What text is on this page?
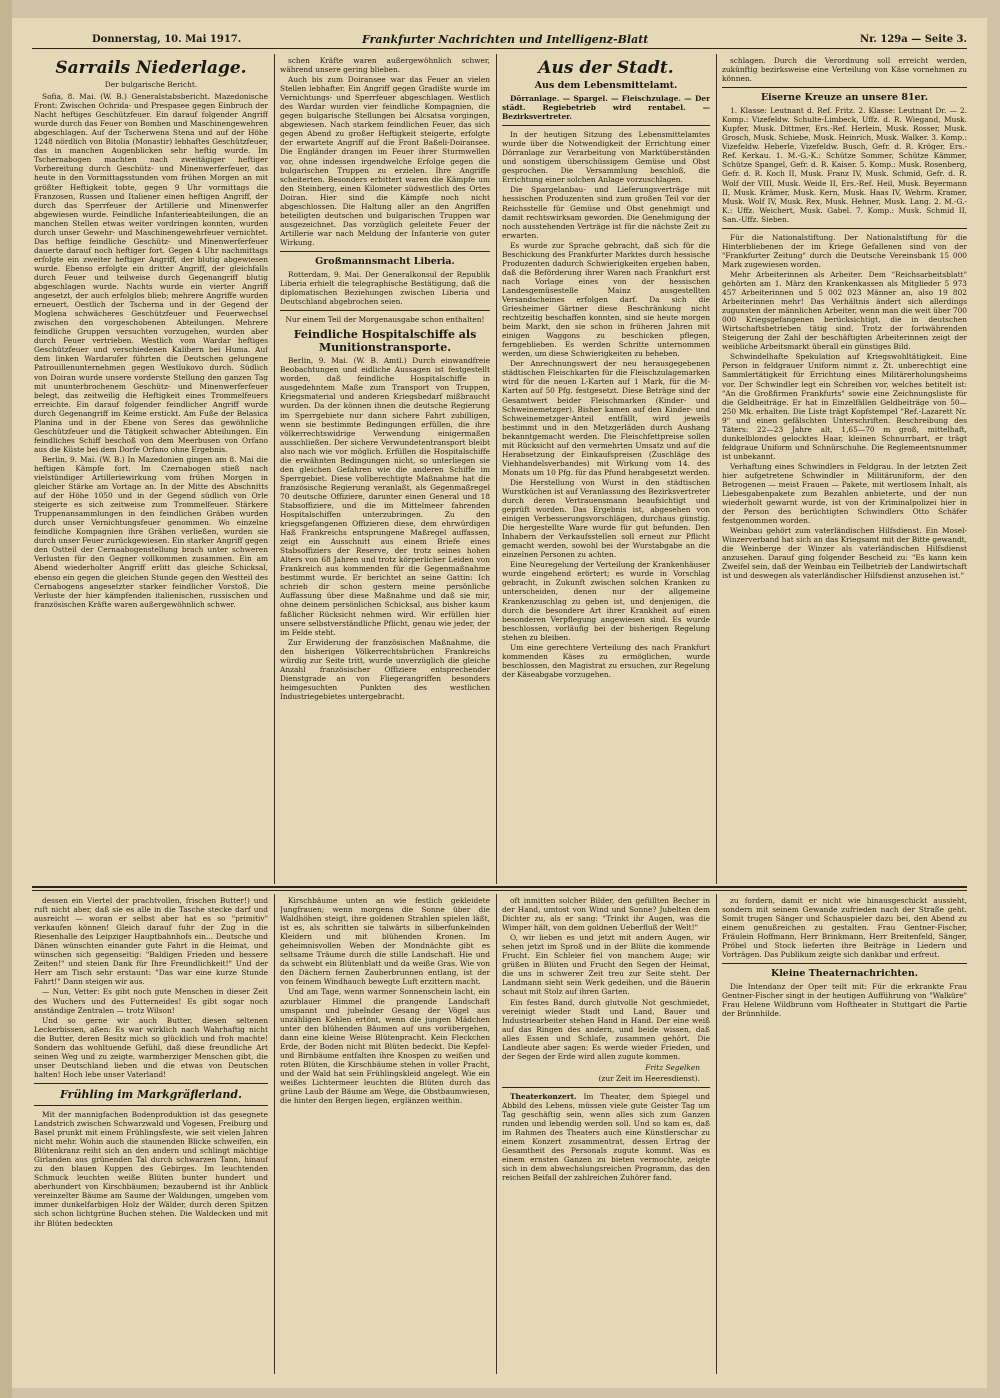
Donnerstag, 10. Mai 1917.	Frankfurter Nachrichten und Intelligenz-Blatt	Nr. 129a — Seite 3.
Sarrails Niederlage.
Der bulgarische Bericht.

Sofia, 8. Mai. (W. B.) Generalstabsbericht. Mazedonische Front: Zwischen Ochrida- und Prespasee gegen Einbruch der Nacht heftiges Geschützfeuer. Ein darauf folgender Angriff wurde durch das Feuer von Bomben und Maschinengewehren abgeschlagen. Auf der Tscherwena Stena und auf der Höhe 1248 nördlich von Bitolia (Monastir) lebhaftes Geschützfeuer, das in manchen Augenblicken sehr heftig wurde. Im Tschernabogen machten nach zweitägiger heftiger Vorbereitung durch Geschütz- und Minenwerferfeuer, das heute in den Vormittagsstunden vom frühen Morgen an mit größter Heftigkeit tobte, gegen 9 Uhr vormittags die Franzosen, Russen und Italiener einen heftigen Angriff, der durch das Sperrfeuer der Artillerie und Minenwerfer abgewiesen wurde. Feindliche Infanterieabteilungen, die an manchen Stellen etwas weiter vordringen konnten, wurden durch unser Gewehr- und Maschinengewehrfeuer vernichtet. Das heftige feindliche Geschütz- und Minenwerferfeuer dauerte darauf noch heftiger fort. Gegen 4 Uhr nachmittags erfolgte ein zweiter heftiger Angriff, der blutig abgewiesen wurde. Ebenso erfolgte ein dritter Angriff, der gleichfalls durch Feuer und teilweise durch Gegenangriff blutig abgeschlagen wurde. Nachts wurde ein vierter Angriff angesetzt, der auch erfolglos blieb; mehrere Angriffe wurden erneuert. Oestlich der Tscherna und in der Gegend der Moglena schwächeres Geschützfeuer und Feuerwechsel zwischen den vorgeschobenen Abteilungen. Mehrere feindliche Gruppen versuchten vorzugehen, wurden aber durch Feuer vertrieben. Westlich vom Wardar heftiges Geschützfeuer und verschiedenen Kalibern bei Huma. Auf dem linken Wardarufer führten die Deutschen gelungene Patrouillenunternehmen gegen Westlukovo durch. Südlich von Doiran wurde unsere vorderste Stellung den ganzen Tag mit ununterbrochenem Geschütz- und Minenwerferfeuer belegt, das zeitweilig die Heftigkeit eines Trommelfeuers erreichte. Ein darauf folgender feindlicher Angriff wurde durch Gegenangriff im Keime erstickt. Am Fuße der Belasica Planina und in der Ebene von Seres das gewöhnliche Geschützfeuer und die Tätigkeit schwacher Abteilungen. Ein feindliches Schiff beschoß von dem Meerbusen von Orfano aus die Küste bei dem Dorfe Orfano ohne Ergebnis.

Berlin, 9. Mai. (W. B.) In Mazedonien gingen am 8. Mai die heftigen Kämpfe fort. Im Czernabogen stieß nach vielstündiger Artilleriewirkung vom frühen Morgen in gleicher Stärke am Vortage an. In der Mitte des Abschnitts auf der Höhe 1050 und in der Gegend südlich von Orle steigerte es sich zeitweise zum Trommelfeuer. Stärkere Truppenansammlungen in den feindlichen Gräben wurden durch unser Vernichtungsfeuer genommen. Wo einzelne feindliche Kompagnien ihre Gräben verließen, wurden sie durch unser Feuer zurückgewiesen. Ein starker Angriff gegen den Ostteil der Cernaabogenstellung brach unter schweren Verlusten für den Gegner vollkommen zusammen. Ein am Abend wiederholter Angriff erlitt das gleiche Schicksal, ebenso ein gegen die gleichen Stunde gegen den Westteil des Cernabogens angesetzter starker feindlicher Vorstoß. Die Verluste der hier kämpfenden italienischen, russischen und französischen Kräfte waren außergewöhnlich schwer.

schen Kräfte waren außergewöhnlich schwer, während unsere gering blieben.

Auch bis zum Doiransee war das Feuer an vielen Stellen lebhafter. Ein Angriff gegen Gradište wurde im Vernichtungs- und Sperrfeuer abgeschlagen. Westlich des Wardar wurden vier feindliche Kompagnien, die gegen bulgarische Stellungen bei Alcsatsa vorgingen, abgewiesen. Nach starkem feindlichen Feuer, das sich gegen Abend zu großer Heftigkeit steigerte, erfolgte der erwartete Angriff auf die Front Baßeli-Doiransee. Die Engländer drangen im Feuer ihrer Sturmwellen vor, ohne indessen irgendwelche Erfolge gegen die bulgarischen Truppen zu erzielen. Ihre Angriffe scheiterten. Besonders erbittert waren die Kämpfe um den Steinberg, einen Kilometer südwestlich des Ortes Doiran. Hier sind die Kämpfe noch nicht abgeschlossen. Die Haltung aller an den Angriffen beteiligten deutschen und bulgarischen Truppen war ausgezeichnet. Das vorzüglich geleitete Feuer der Artillerie war nach Meldung der Infanterie von guter Wirkung.

Großmannsmacht Liberia.

Rotterdam, 9. Mai. Der Generalkonsul der Republik Liberia erhielt die telegraphische Bestätigung, daß die diplomatischen Beziehungen zwischen Liberia und Deutschland abgebrochen seien.

Nur einem Teil der Morgenausgabe schon enthalten!
Feindliche Hospitalschiffe als Munitionstransporte.

Berlin, 9. Mai. (W. B. Amtl.) Durch einwandfreie Beobachtungen und eidliche Aussagen ist festgestellt worden, daß feindliche Hospitalschiffe in ausgedehntem Maße zum Transport von Truppen, Kriegsmaterial und anderen Kriegsbedarf mißbraucht wurden. Da der können ihnen die deutsche Regierung im Sperrgebiete nur dann sichere Fahrt zubilligen, wenn sie bestimmte Bedingungen erfüllen, die ihre völkerrechtswidrige Verwendung einigermaßen ausschließen. Der sichere Verwundetentransport bleibt also nach wie vor möglich. Erfüllen die Hospitalschiffe die erwähnten Bedingungen nicht, so unterliegen sie den gleichen Gefahren wie die anderen Schiffe im Sperrgebiet. Diese vollberechtigte Maßnahme hat die französische Regierung veranlaßt, als Gegenmaßregel 70 deutsche Offiziere, darunter einen General und 18 Stabsoffiziere, und die im Mittelmeer fahrenden Hospitalschiffen unterzubringen. Zu den kriegsgefangenen Offizieren diese, dem ehrwürdigen Haß Frankreichs entsprungene Maßregel auffassen, zeigt ein Ausschnitt aus einem Briefe eines Stabsoffiziers der Reserve, der trotz seines hohen Alters von 68 Jahren und trotz körperlicher Leiden von Frankreich aus kommenden für die Gegenmaßnahme bestimmt wurde. Er berichtet an seine Gattin: Ich schrieb dir schon gestern meine persönliche Auffassung über diese Maßnahme und daß sie mir, ohne deinem persönlichen Schicksal, aus bisher kaum faßlicher Rücksicht nehmen wird. Wir erfüllen hier unsere selbstverständliche Pflicht, genau wie jeder, der im Felde steht.

Zur Erwiderung der französischen Maßnahme, die den bisherigen Völkerrechtsbrüchen Frankreichs würdig zur Seite tritt, wurde unverzüglich die gleiche Anzahl französischer Offiziere entsprechender Dienstgrade an von Fliegerangriffen besonders heimgesuchten Punkten des westlichen Industriegebietes untergebracht.

Aus der Stadt.
Aus dem Lebensmittelamt.

Dörranlage. — Spargel. — Fleischzulage. — Der städt. Regiebetrieb wird rentabel. — Bezirksvertreter.

In der heutigen Sitzung des Lebensmittelamtes wurde über die Notwendigkeit der Errichtung einer Dörranlage zur Verarbeitung von Marktüberständen und sonstigem überschüssigem Gemüse und Obst gesprochen. Die Versammlung beschloß, die Errichtung einer solchen Anlage vorzuschlagen.

Die Spargelanbau- und Lieferungsverträge mit hessischen Produzenten sind zum großen Teil vor der Reichsstelle für Gemüse und Obst genehmigt und damit rechtswirksam geworden. Die Genehmigung der noch ausstehenden Verträge ist für die nächste Zeit zu erwarten.

Es wurde zur Sprache gebracht, daß sich für die Beschickung des Frankfurter Marktes durch hessische Produzenten dadurch Schwierigkeiten ergeben haben, daß die Beförderung ihrer Waren nach Frankfurt erst nach Vorlage eines von der hessischen Landesgemüsestelle Mainz ausgestellten Versandscheines erfolgen darf. Da sich die Griesheimer Gärtner diese Beschränkung nicht rechtzeitig beschaffen konnten, sind sie heute morgen beim Markt, den sie schon in früheren Jahren mit einigen Waggons zu beschicken pflegen, ferngeblieben. Es werden Schritte unternommen werden, um diese Schwierigkeiten zu beheben.

Der Anrechnungswert der neu herausgegebenen städtischen Fleischkarten für die Fleischzulagemarken wird für die neuen L-Karten auf 1 Mark, für die M-Karten auf 50 Pfg. festgesetzt. Diese Beträge sind der Gesamtwert beider Fleischmarken (Kinder- und Schweinemetzger). Bisher kamen auf den Kinder- und Schweinemetzger-Anteil entfällt, wird jeweils bestimmt und in den Metzgerläden durch Aushang bekanntgemacht werden. Die Fleischfettpreise sollen mit Rücksicht auf den vermehrten Umsatz und auf die Herabsetzung der Einkaufspreisen (Zuschläge des Viehhandelsverbandes) mit Wirkung vom 14. des Monats um 10 Pfg. für das Pfund herabgesetzt werden.

Die Herstellung von Wurst in den städtischen Wurstküchen ist auf Veranlassung des Bezirksvertreter durch deren Vertrauensmann beaufsichtigt und geprüft worden. Das Ergebnis ist, abgesehen von einigen Verbesserungsvorschlägen, durchaus günstig. Die hergestellte Ware wurde für gut befunden. Den Inhabern der Verkaufsstellen soll erneut zur Pflicht gemacht werden, sowohl bei der Wurstabgabe an die einzelnen Personen zu achten.

Eine Neuregelung der Verteilung der Krankenhäuser wurde eingehend erörtert; es wurde in Vorschlag gebracht, in Zukunft zwischen solchen Kranken zu unterscheiden, denen nur der allgemeine Krankenzuschlag zu geben ist, und denjenigen, die durch die besondere Art ihrer Krankheit auf einen besonderen Verpflegung angewiesen sind. Es wurde beschlossen, vorläufig bei der bisherigen Regelung stehen zu bleiben.

Um eine gerechtere Verteilung des nach Frankfurt kommenden Käses zu ermöglichen, wurde beschlossen, den Magistrat zu ersuchen, zur Regelung der Käseabgabe vorzugehen.

schlagen. Durch die Verordnung soll erreicht werden, zukünftig bezirksweise eine Verteilung von Käse vornehmen zu können.

Eiserne Kreuze an unsere 81er.

1. Klasse: Leutnant d. Ref. Fritz. 2. Klasse: Leutnant Dr. — 2. Komp.: Vizefeldw. Schulte-Limbeck, Uffz. d. R. Wiegand, Musk. Kupfer, Musk. Dittmer, Ers.-Ref. Herlein, Musk. Rosser, Musk. Grosch, Musk. Schiebe, Musk. Heinrich, Musk. Walker. 3. Komp.: Vizefeldw. Heberle, Vizefeldw. Busch, Gefr. d. R. Kröger, Ers.-Ref. Kerkau. 1. M.-G.-K.: Schütze Sommer, Schütze Kämmer, Schütze Spangel, Gefr. d. R. Kaiser. 5. Komp.: Musk. Rosenberg, Gefr. d. R. Koch II, Musk. Franz IV, Musk. Schmid, Gefr. d. R. Wolf der VIII, Musk. Weide II, Ers.-Ref. Heil, Musk. Beyermann II, Musk. Krämer, Musk. Kern, Musk. Haas IV, Wehrm. Kramer, Musk. Wolf IV, Musk. Rex, Musk. Hehner, Musk. Lang. 2. M.-G.-K.: Uffz. Weichert, Musk. Gabel. 7. Komp.: Musk. Schmid II, San.-Uffz. Sieben.

Für die Nationalstiftung. Der Nationalstiftung für die Hinterbliebenen der im Kriege Gefallenen sind von der "Frankfurter Zeitung" durch die Deutsche Vereinsbank 15 000 Mark zugewiesen worden.

Mehr Arbeiterinnen als Arbeiter. Dem "Reichsarbeitsblatt" gehörten am 1. März den Krankenkassen als Mitglieder 5 973 457 Arbeiterinnen und 5 002 023 Männer an, also 19 802 Arbeiterinnen mehr! Das Verhältnis ändert sich allerdings zugunsten der männlichen Arbeiter, wenn man die weit über 700 000 Kriegsgefangenen berücksichtigt, die in deutschen Wirtschaftsbetrieben tätig sind. Trotz der fortwährenden Steigerung der Zahl der beschäftigten Arbeiterinnen zeigt der weibliche Arbeitsmarkt überall ein günstiges Bild.

Schwindelhafte Spekulation auf Kriegswohltätigkeit. Eine Person in feldgrauer Uniform nimmt z. Zt. unberechtigt eine Sammlertätigkeit für Errichtung eines Militärerholungsheims vor. Der Schwindler legt ein Schreiben vor, welches betitelt ist: "An die Großfirmen Frankfurts" sowie eine Zeichnungsliste für die Geldbeiträge. Er hat in Einzelfällen Geldbeiträge von 50—250 Mk. erhalten. Die Liste trägt Kopfstempel "Ref.-Lazarett Nr. 9" und einen gefälschten Unterschriften. Beschreibung des Täters: 22—23 Jahre alt, 1,65—70 m groß, mittelhaft, dunkelblondes gelocktes Haar, kleinen Schnurrbart, er trägt feldgraue Uniform und Schnürschuhe. Die Reglemeentsnummer ist unbekannt.

Verhaftung eines Schwindlers in Feldgrau. In der letzten Zeit hier aufgetretene Schwindler in Militäruniform, der den Betrogenen — meist Frauen — Pakete, mit wertlosem Inhalt, als Liebesgabenpakete zum Bezahlen anbieterte, und der nun wiederholt gewarnt wurde, ist von der Kriminalpolizei hier in der Person des berüchtigten Schwindlers Otto Schäfer festgenommen worden.

Weinbau gehört zum vaterländischen Hilfsdienst. Ein Mosel-Winzerverband hat sich an das Kriegsamt mit der Bitte gewandt, die Weinberge der Winzer als vaterländischen Hilfsdienst anzusehen. Darauf ging folgender Bescheid zu: "Es kann kein Zweifel sein, daß der Weinbau ein Teilbetrieb der Landwirtschaft ist und deswegen als vaterländischer Hilfsdienst anzusehen ist."

dessen ein Viertel der prachtvollen, frischen Butter!) und ruft nicht aber, daß sie es alle in die Tasche stecke darf und ausreicht — woran er selbst aber hat es so "primitiv" verkaufen können! Gleich darauf fuhr der Zug in die Riesenhalle des Leipziger Hauptbahnhofs ein... Deutsche und Dänen wünschten einander gute Fahrt in die Heimat, und wünschen sich gegenseitig: "Baldigen Frieden und bessere Zeiten!" und steien Dank für Ihre Freundlichkeit!" Und der Herr am Tisch sehr erstaunt: "Das war eine kurze Stunde Fahrt!" Dann steigen wir aus.

— Nun, Vetter: Es gibt noch gute Menschen in dieser Zeit des Wuchers und des Futterneides! Es gibt sogar noch anständige Zentralen — trotz Wilson!

Und so gerne wir auch Butter, diesen seltenen Leckerbissen, aßen: Es war wirklich nach Wahrhaftig nicht die Butter, deren Besitz mich so glücklich und froh machte! Sondern das wohltuende Gefühl, daß diese freundliche Art seinen Weg und zu zeigte, warmherziger Menschen gibt, die unser Deutschland lieben und die etwas von Deutschen halten! Hoch lebe unser Vaterland!

Frühling im Markgräflerland.

Mit der mannigfachen Bodenproduktion ist das gesegnete Landstrich zwischen Schwarzwald und Vogesen, Freiburg und Basel prunkt mit einem Frühlingsfeste, wie seit vielen Jahren nicht mehr. Wohin auch die staunenden Blicke schweifen, ein Blütenkranz reiht sich an den andern und schlingt mächtige Girlanden aus grünenden Tal durch schwarzen Tann, hinauf zu den blauen Kuppen des Gebirges. Im leuchtenden Schmuck leuchten weiße Blüten bunter hundert und aberhundert von Kirschbäumen; bezaubernd ist ihr Anblick vereinzelter Bäume am Saume der Waldungen, umgeben vom immer dunkelfarbigen Holz der Wälder, durch deren Spitzen sich schon lichtgrüne Buchen stehen. Die Waldecken und mit ihr Blüten bedeckten

Kirschbäume unten an wie festlich gekleidete Jungfrauen; wenn morgens die Sonne über die Waldhöhen steigt, ihre goldenen Strahlen spielen läßt, ist es, als schritten sie talwärts in silberfunkelnden Kleidern und mit blühenden Kronen. Im geheimnisvollen Weben der Mondnächte gibt es seltsame Träume durch die stille Landschaft. Hie und da schwebt ein Blütenblatt und da weiße Gras. Wie von den Dächern fernen Zauberbrunnen entlang, ist der von feinem Windhauch bewegte Luft erzittern macht.

Und am Tage, wenn warmer Sonnenschein lacht, ein azurblauer Himmel die prangende Landschaft umspannt und jubelnder Gesang der Vögel aus unzähligen Kehlen ertönt, wenn die jungen Mädchen unter den blühenden Bäumen auf uns vorübergehen, dann eine kleine Weise Blütenpracht. Kein Fleckchen Erde, der Boden nicht mit Blüten bedeckt. Die Kepfel- und Birnbäume entfalten ihre Knospen zu weißen und roten Blüten, die Kirschbäume stehen in voller Pracht, und der Wald hat sein Frühlingskleid angelegt. Wie ein weißes Lichtermeer leuchten die Blüten durch das grüne Laub der Bäume am Wege, die Obstbaumwiesen, die hinter den Bergen liegen, erglänzen weithin.

oft inmitten solcher Bilder, den gefüllten Becher in der Hand, umtost von Wind und Sonne? Jubelten dem Dichter zu, als er sang: "Trinkt ihr Augen, was die Wimper hält, von dem goldnen Ueberfluß der Welt!"

O, wir lieben es und jetzt mit andern Augen, wir sehen jetzt im Sproß und in der Blüte die kommende Frucht. Ein Schleier fiel von manchem Auge; wir grüßen in Blüten und Frucht den Segen der Heimat, die uns in schwerer Zeit treu zur Seite steht. Der Landmann sieht sein Werk gedeihen, und die Bäuerin schaut mit Stolz auf ihren Garten.

Ein festes Band, durch glutvolle Not geschmiedet, vereinigt wieder Stadt und Land, Bauer und Industriearbeiter stehen Hand in Hand. Der eine weiß auf das Ringen des andern, und beide wissen, daß alles Essen und Schlafe, zusammen gehört. Die Landleute aber sagen: Es werde wieder Frieden, und der Segen der Erde wird allen zugute kommen.

Fritz Segelken
(zur Zeit im Heeresdienst).

Theaterkonzert. Im Theater, dem Spiegel und Abbild des Lebens, müssen viele gute Geister Tag um Tag geschäftig sein, wenn alles sich zum Ganzen runden und lebendig werden soll. Und so kam es, daß im Rahmen des Theaters auch eine Künstlerschar zu einem Konzert zusammentrat, dessen Ertrag der Gesamtheit des Personals zugute kommt. Was es einem ernsten Ganzen zu bieten vermochte, zeigte sich in dem abwechslungsreichen Programm, das den reichen Beifall der zahlreichen Zuhörer fand.

zu fordern, damit er nicht wie hinausgeschickt aussieht, sondern mit seinem Gewande zufrieden nach der Straße geht. Somit trugen Sänger und Schauspieler dazu bei, den Abend zu einem genußreichen zu gestalten. Frau Gentner-Fischer, Fräulein Hoffmann, Herr Brinkmann, Herr Breitenfeld, Sänger, Pröbel und Stock lieferten ihre Beiträge in Liedern und Vorträgen. Das Publikum zeigte sich dankbar und erfreut.

Kleine Theaternachrichten.

Die Intendanz der Oper teilt mit: Für die erkrankte Frau Gentner-Fischer singt in der heutigen Aufführung von "Walküre" Frau Helene Wildbrunn vom Hoftheater in Stuttgart die Partie der Brünnhilde.
